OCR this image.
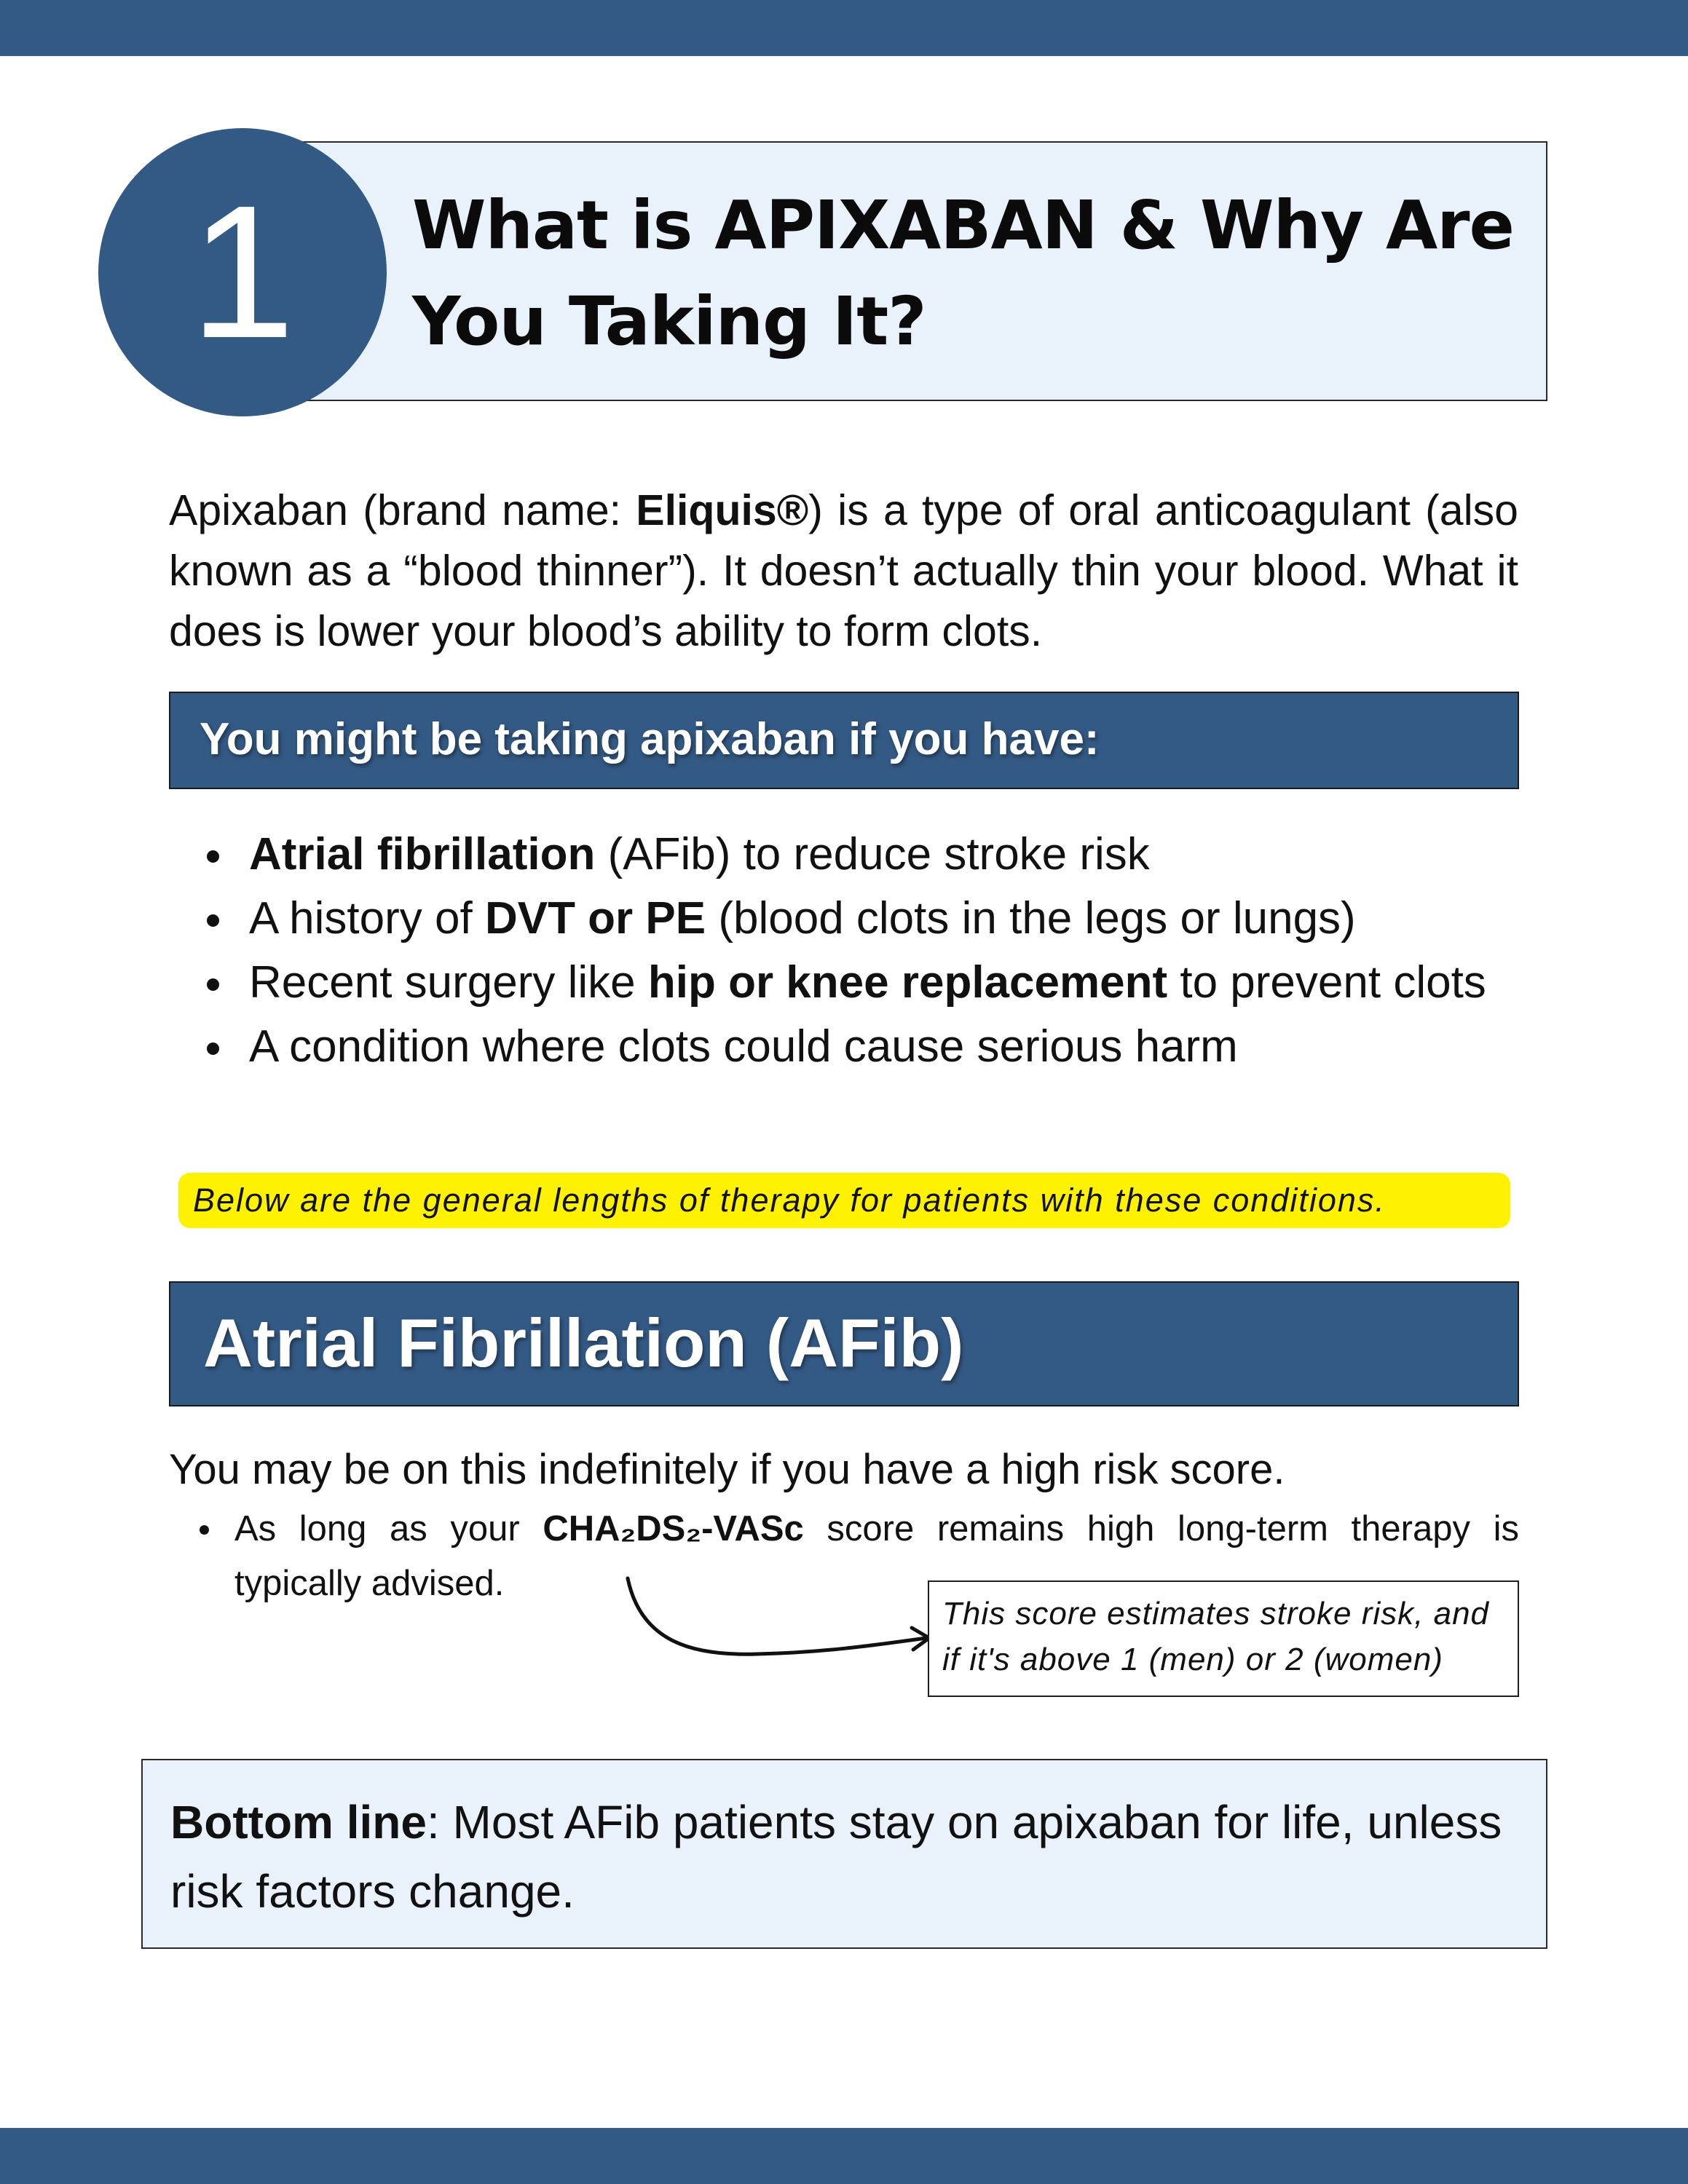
What is APIXABAN & Why Are You Taking It?
1

Apixaban (brand name: Eliquis®) is a type of oral anticoagulant (also known as a “blood thinner”). It doesn’t actually thin your blood. What it does is lower your blood’s ability to form clots.

You might be taking apixaban if you have:
Atrial fibrillation (AFib) to reduce stroke risk
A history of DVT or PE (blood clots in the legs or lungs)
Recent surgery like hip or knee replacement to prevent clots
A condition where clots could cause serious harm
Below are the general lengths of therapy for patients with these conditions.
Atrial Fibrillation (AFib)

You may be on this indefinitely if you have a high risk score.

As long as your CHA₂DS₂-VASc score remains high long-term therapy is typically advised.
This score estimates stroke risk, and if it's above 1 (men) or 2 (women)
Bottom line: Most AFib patients stay on apixaban for life, unless risk factors change.
